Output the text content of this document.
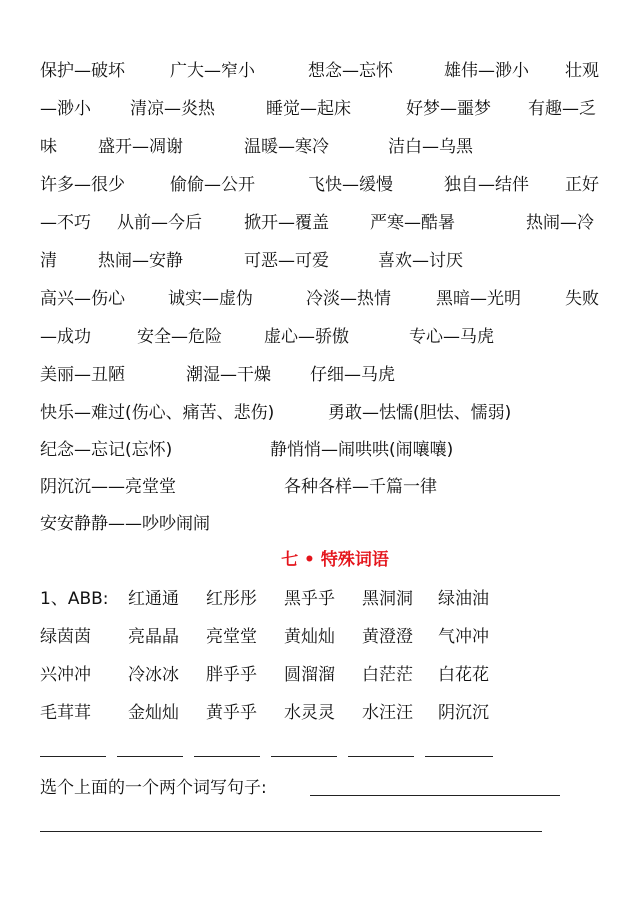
保护—破坏	广大—窄小	想念—忘怀	雄伟—渺小 壮观
—渺小 清凉—炎热	睡觉—起床	好梦—噩梦 有趣—乏
味 盛开—凋谢	温暖—寒冷	洁白—乌黑
许多—很少	偷偷—公开	飞快—缓慢	独自—结伴 正好
—不巧 从前—今后 掀开—覆盖 严寒—酷暑	热闹—冷
清 热闹—安静	可恶—可爱	喜欢—讨厌
高兴—伤心	诚实—虚伪	冷淡—热情	黑暗—光明	失败
—成功	安全—危险 虚心—骄傲	专心—马虎
美丽—丑陋	潮湿—干燥 仔细—马虎
快乐—难过(伤心、痛苦、悲伤)	勇敢—怯懦(胆怯、懦弱)
纪念—忘记(忘怀)	静悄悄—闹哄哄(闹嚷嚷)
阴沉沉——亮堂堂	各种各样—千篇一律
安安静静——吵吵闹闹
七 • 特殊词语
1、ABB: 红通通 红彤彤 黑乎乎 黑洞洞 绿油油
绿茵茵 亮晶晶 亮堂堂 黄灿灿 黄澄澄 气冲冲
兴冲冲 冷冰冰 胖乎乎 圆溜溜 白茫茫 白花花
毛茸茸 金灿灿 黄乎乎 水灵灵 水汪汪 阴沉沉
选个上面的一个两个词写句子:
